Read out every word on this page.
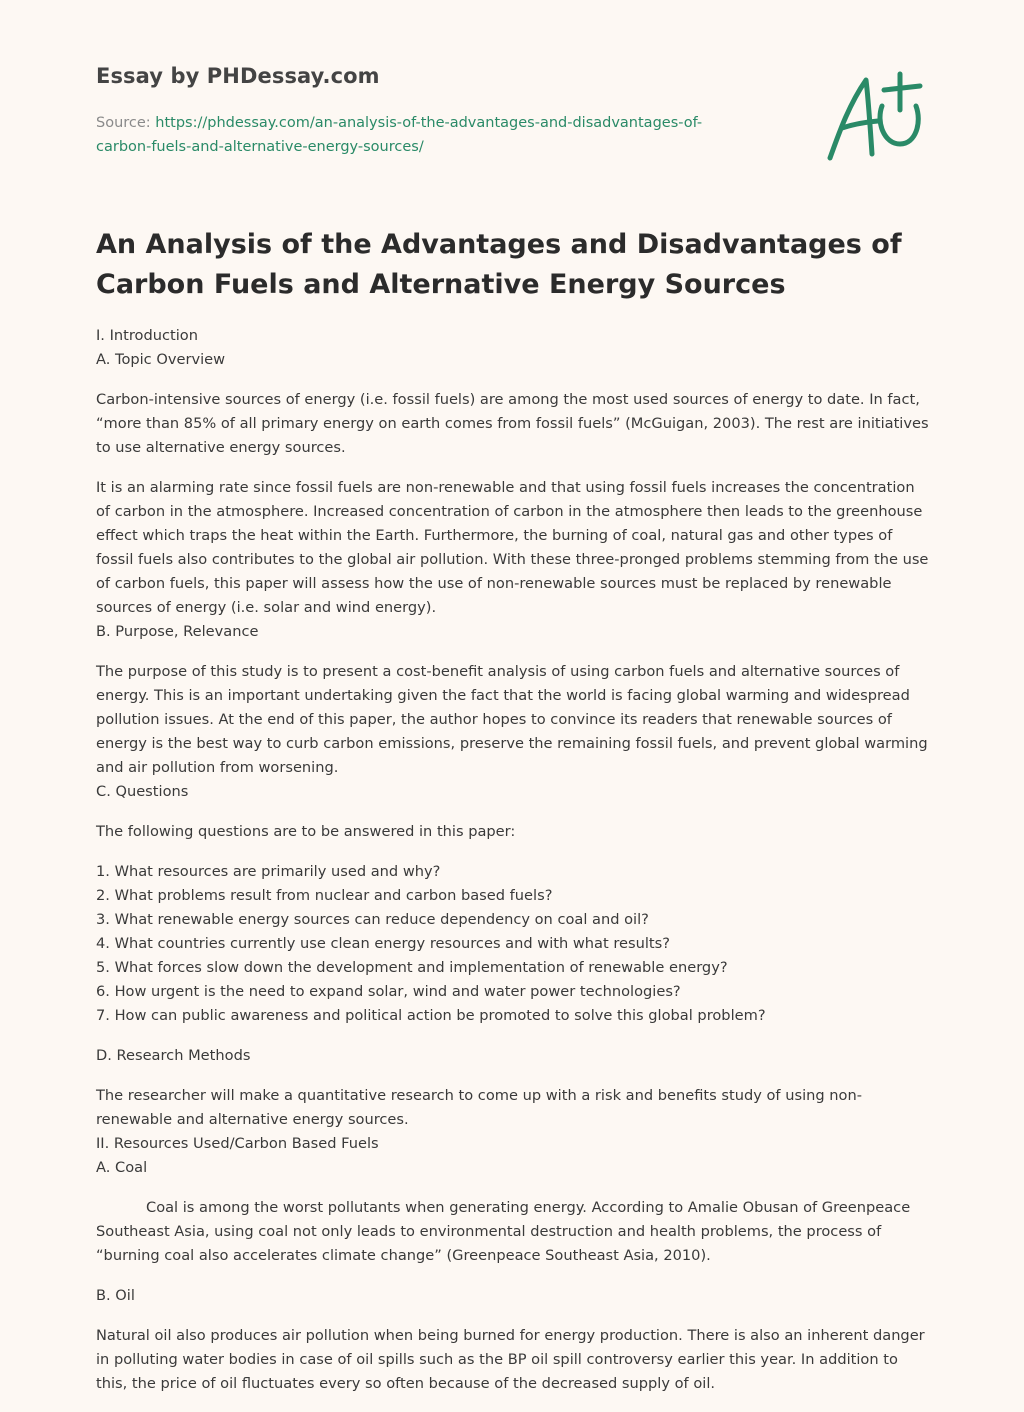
Essay by PHDessay.com
Source: https://phdessay.com/an-analysis-of-the-advantages-and-disadvantages-of-carbon-fuels-and-alternative-energy-sources/
An Analysis of the Advantages and Disadvantages of Carbon Fuels and Alternative Energy Sources

I. Introduction
A. Topic Overview

Carbon-intensive sources of energy (i.e. fossil fuels) are among the most used sources of energy to date. In fact, “more than 85% of all primary energy on earth comes from fossil fuels” (McGuigan, 2003). The rest are initiatives to use alternative energy sources.

It is an alarming rate since fossil fuels are non-renewable and that using fossil fuels increases the concentration of carbon in the atmosphere. Increased concentration of carbon in the atmosphere then leads to the greenhouse effect which traps the heat within the Earth. Furthermore, the burning of coal, natural gas and other types of fossil fuels also contributes to the global air pollution. With these three-pronged problems stemming from the use of carbon fuels, this paper will assess how the use of non-renewable sources must be replaced by renewable sources of energy (i.e. solar and wind energy).
B. Purpose, Relevance

The purpose of this study is to present a cost-benefit analysis of using carbon fuels and alternative sources of energy. This is an important undertaking given the fact that the world is facing global warming and widespread pollution issues. At the end of this paper, the author hopes to convince its readers that renewable sources of energy is the best way to curb carbon emissions, preserve the remaining fossil fuels, and prevent global warming and air pollution from worsening.
C. Questions

The following questions are to be answered in this paper:

1. What resources are primarily used and why?
2. What problems result from nuclear and carbon based fuels?
3. What renewable energy sources can reduce dependency on coal and oil?
4. What countries currently use clean energy resources and with what results?
5. What forces slow down the development and implementation of renewable energy?
6. How urgent is the need to expand solar, wind and water power technologies?
7. How can public awareness and political action be promoted to solve this global problem?

D. Research Methods

The researcher will make a quantitative research to come up with a risk and benefits study of using non-renewable and alternative energy sources.
II. Resources Used/Carbon Based Fuels
A. Coal

Coal is among the worst pollutants when generating energy. According to Amalie Obusan of Greenpeace Southeast Asia, using coal not only leads to environmental destruction and health problems, the process of “burning coal also accelerates climate change” (Greenpeace Southeast Asia, 2010).

B. Oil

Natural oil also produces air pollution when being burned for energy production. There is also an inherent danger in polluting water bodies in case of oil spills such as the BP oil spill controversy earlier this year. In addition to this, the price of oil fluctuates every so often because of the decreased supply of oil.
